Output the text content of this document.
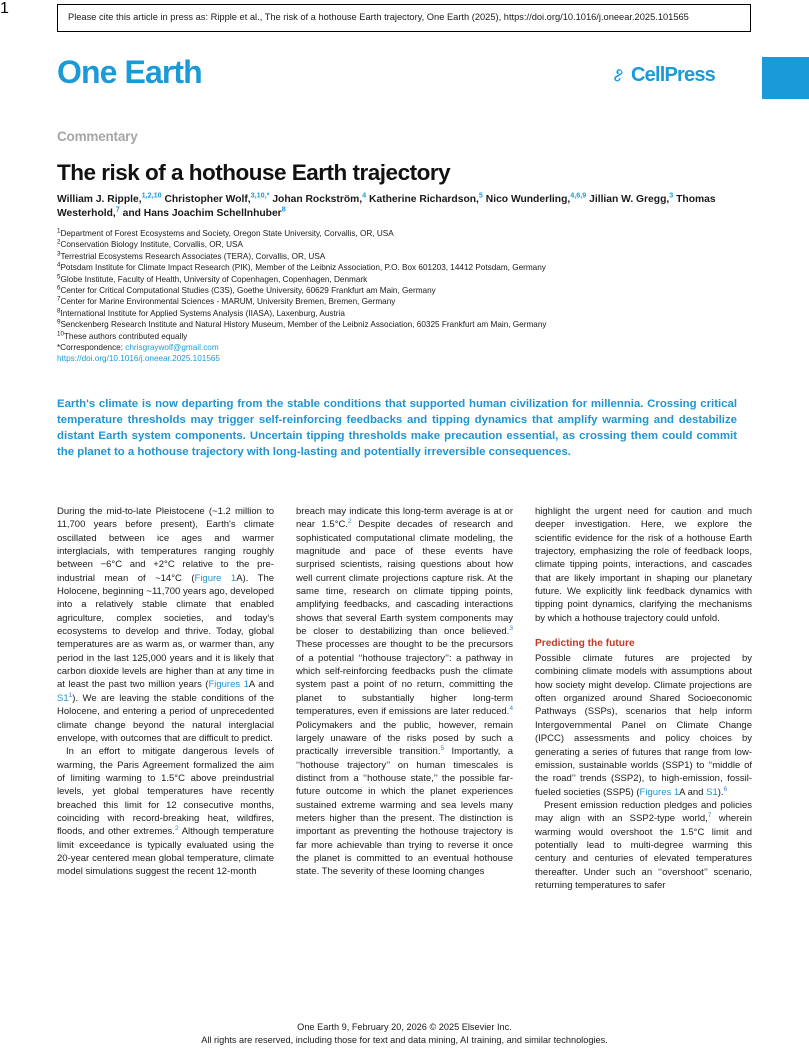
Please cite this article in press as: Ripple et al., The risk of a hothouse Earth trajectory, One Earth (2025), https://doi.org/10.1016/j.oneear.2025.101565

One Earth	CellPress
Commentary
The risk of a hothouse Earth trajectory
William J. Ripple,$^{1,2,10}$ Christopher Wolf,$^{3,10,*}$ Johan Rockström,$^4$ Katherine Richardson,$^5$ Nico Wunderling,$^{4,6,9}$ Jillian W. Gregg,$^3$ Thomas Westerhold,$^7$ and Hans Joachim Schellnhuber$^8$
$^1$Department of Forest Ecosystems and Society, Oregon State University, Corvallis, OR, USA
$^2$Conservation Biology Institute, Corvallis, OR, USA
$^3$Terrestrial Ecosystems Research Associates (TERA), Corvallis, OR, USA
$^4$Potsdam Institute for Climate Impact Research (PIK), Member of the Leibniz Association, P.O. Box 601203, 14412 Potsdam, Germany
$^5$Globe Institute, Faculty of Health, University of Copenhagen, Copenhagen, Denmark
$^6$Center for Critical Computational Studies (C3S), Goethe University, 60629 Frankfurt am Main, Germany
$^7$Center for Marine Environmental Sciences - MARUM, University Bremen, Bremen, Germany
$^8$International Institute for Applied Systems Analysis (IIASA), Laxenburg, Austria
$^9$Senckenberg Research Institute and Natural History Museum, Member of the Leibniz Association, 60325 Frankfurt am Main, Germany
$^{10}$These authors contributed equally
*Correspondence: chrisgraywolf@gmail.com
https://doi.org/10.1016/j.oneear.2025.101565
Earth's climate is now departing from the stable conditions that supported human civilization for millennia. Crossing critical temperature thresholds may trigger self-reinforcing feedbacks and tipping dynamics that amplify warming and destabilize distant Earth system components. Uncertain tipping thresholds make precaution essential, as crossing them could commit the planet to a hothouse trajectory with long-lasting and potentially irreversible consequences.

During the mid-to-late Pleistocene (~1.2 million to 11,700 years before present), Earth's climate oscillated between ice ages and warmer interglacials, with temperatures ranging roughly between −6°C and +2°C relative to the pre-industrial mean of ~14°C (Figure 1A). The Holocene, beginning ~11,700 years ago, developed into a relatively stable climate that enabled agriculture, complex societies, and today's ecosystems to develop and thrive. Today, global temperatures are as warm as, or warmer than, any period in the last 125,000 years and it is likely that carbon dioxide levels are higher than at any time in at least the past two million years (Figures 1A and $S1^1$). We are leaving the stable conditions of the Holocene, and entering a period of unprecedented climate change beyond the natural interglacial envelope, with outcomes that are difficult to predict.

In an effort to mitigate dangerous levels of warming, the Paris Agreement formalized the aim of limiting warming to 1.5°C above preindustrial levels, yet global temperatures have recently breached this limit for 12 consecutive months, coinciding with record-breaking heat, wildfires, floods, and other extremes.$^2$ Although temperature limit exceedance is typically evaluated using the 20-year centered mean global temperature, climate model simulations suggest the recent 12-month

breach may indicate this long-term average is at or near 1.5°C.$^2$ Despite decades of research and sophisticated computational climate modeling, the magnitude and pace of these events have surprised scientists, raising questions about how well current climate projections capture risk. At the same time, research on climate tipping points, amplifying feedbacks, and cascading interactions shows that several Earth system components may be closer to destabilizing than once believed.$^3$ These processes are thought to be the precursors of a potential ‘‘hothouse trajectory’’: a pathway in which self-reinforcing feedbacks push the climate system past a point of no return, committing the planet to substantially higher long-term temperatures, even if emissions are later reduced.$^4$ Policymakers and the public, however, remain largely unaware of the risks posed by such a practically irreversible transition.$^5$ Importantly, a ‘‘hothouse trajectory’’ on human timescales is distinct from a ‘‘hothouse state,’’ the possible far-future outcome in which the planet experiences sustained extreme warming and sea levels many meters higher than the present. The distinction is important as preventing the hothouse trajectory is far more achievable than trying to reverse it once the planet is committed to an eventual hothouse state. The severity of these looming changes

highlight the urgent need for caution and much deeper investigation. Here, we explore the scientific evidence for the risk of a hothouse Earth trajectory, emphasizing the role of feedback loops, climate tipping points, interactions, and cascades that are likely important in shaping our planetary future. We explicitly link feedback dynamics with tipping point dynamics, clarifying the mechanisms by which a hothouse trajectory could unfold.

Predicting the future

Possible climate futures are projected by combining climate models with assumptions about how society might develop. Climate projections are often organized around Shared Socioeconomic Pathways (SSPs), scenarios that help inform Intergovernmental Panel on Climate Change (IPCC) assessments and policy choices by generating a series of futures that range from low-emission, sustainable worlds (SSP1) to ‘‘middle of the road’’ trends (SSP2), to high-emission, fossil-fueled societies (SSP5) (Figures 1A and S1).$^6$

Present emission reduction pledges and policies may align with an SSP2-type world,$^7$ wherein warming would overshoot the 1.5°C limit and potentially lead to multi-degree warming this century and centuries of elevated temperatures thereafter. Under such an ‘‘overshoot’’ scenario, returning temperatures to safer

One Earth 9, February 20, 2026 © 2025 Elsevier Inc.
All rights are reserved, including those for text and data mining, AI training, and similar technologies.
1
